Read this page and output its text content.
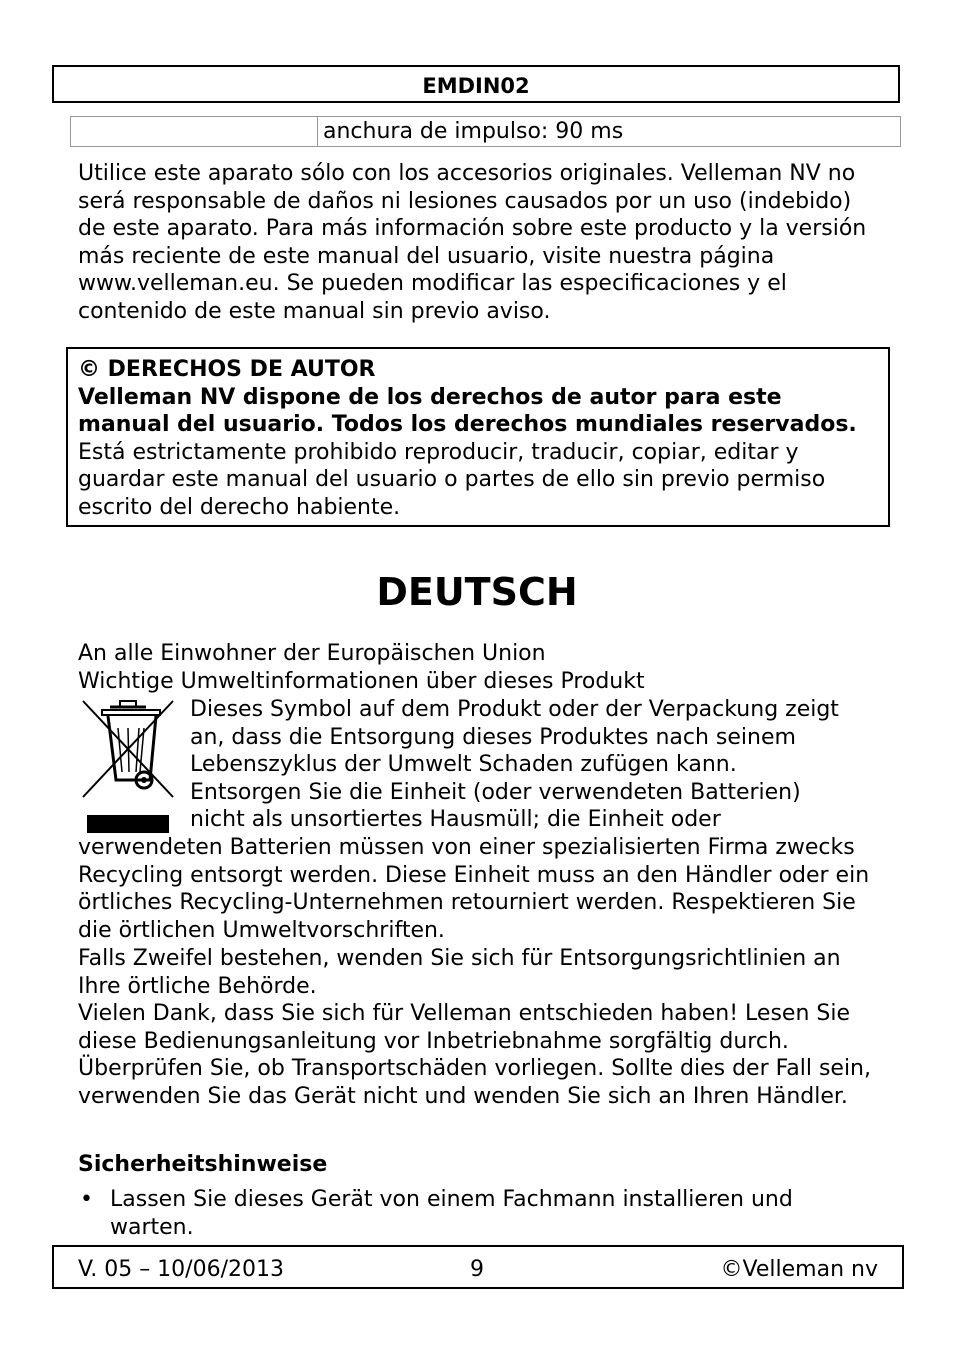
EMDIN02
anchura de impulso: 90 ms
Utilice este aparato sólo con los accesorios originales. Velleman NV no será responsable de daños ni lesiones causados por un uso (indebido) de este aparato. Para más información sobre este producto y la versión más reciente de este manual del usuario, visite nuestra página www.velleman.eu. Se pueden modificar las especificaciones y el contenido de este manual sin previo aviso.
© DERECHOS DE AUTOR
Velleman NV dispone de los derechos de autor para este manual del usuario. Todos los derechos mundiales reservados. Está estrictamente prohibido reproducir, traducir, copiar, editar y guardar este manual del usuario o partes de ello sin previo permiso escrito del derecho habiente.
DEUTSCH
An alle Einwohner der Europäischen Union
Wichtige Umweltinformationen über dieses Produkt
Dieses Symbol auf dem Produkt oder der Verpackung zeigt
an, dass die Entsorgung dieses Produktes nach seinem
Lebenszyklus der Umwelt Schaden zufügen kann.
Entsorgen Sie die Einheit (oder verwendeten Batterien)
nicht als unsortiertes Hausmüll; die Einheit oder
verwendeten Batterien müssen von einer spezialisierten Firma zwecks Recycling entsorgt werden. Diese Einheit muss an den Händler oder ein örtliches Recycling-Unternehmen retourniert werden. Respektieren Sie die örtlichen Umweltvorschriften.
Falls Zweifel bestehen, wenden Sie sich für Entsorgungsrichtlinien an Ihre örtliche Behörde.
Vielen Dank, dass Sie sich für Velleman entschieden haben! Lesen Sie diese Bedienungsanleitung vor Inbetriebnahme sorgfältig durch. Überprüfen Sie, ob Transportschäden vorliegen. Sollte dies der Fall sein, verwenden Sie das Gerät nicht und wenden Sie sich an Ihren Händler.
Sicherheitshinweise
• Lassen Sie dieses Gerät von einem Fachmann installieren und warten.
V. 05 – 10/06/2013	9	©Velleman nv
